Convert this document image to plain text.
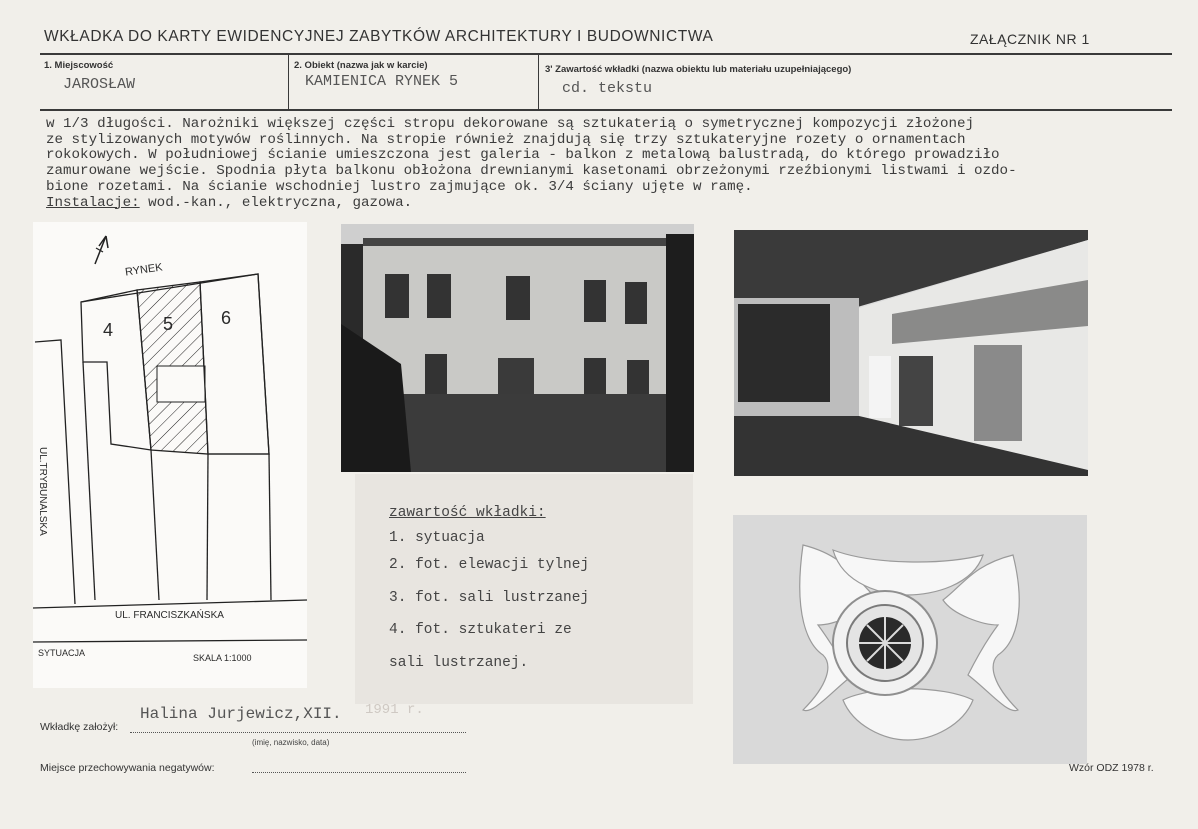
WKŁADKA DO KARTY EWIDENCYJNEJ ZABYTKÓW ARCHITEKTURY I BUDOWNICTWA	ZAŁĄCZNIK NR 1
1. Miejscowość
JAROSŁAW
2. Obiekt (nazwa jak w karcie)
KAMIENICA RYNEK 5
3' Zawartość wkładki (nazwa obiektu lub materiału uzupełniającego)
cd. tekstu

w 1/3 długości. Narożniki większej części stropu dekorowane są sztukaterią o symetrycznej kompozycji złożonej

ze stylizowanych motywów roślinnych. Na stropie również znajdują się trzy sztukateryjne rozety o ornamentach

rokokowych. W południowej ścianie umieszczona jest galeria - balkon z metalową balustradą, do którego prowadziło

zamurowane wejście. Spodnia płyta balkonu obłożona drewnianymi kasetonami obrzeżonymi rzeźbionymi listwami i ozdo-

bione rozetami. Na ścianie wschodniej lustro zajmujące ok. 3/4 ściany ujęte w ramę.

Instalacje: wod.-kan., elektryczna, gazowa.

RYNEK
UL.TRYBUNALSKA
UL. FRANCISZKAŃSKA
4	5	6
SYTUACJA	SKALA 1:1000
zawartość wkładki:
1. sytuacja
2. fot. elewacji tylnej
3. fot. sali lustrzanej
4. fot. sztukateri ze
sali lustrzanej.
Wkładkę założył:
Halina Jurjewicz,XII. 1991 r.
(imię, nazwisko, data)
Miejsce przechowywania negatywów:	Wzór ODZ 1978 r.
